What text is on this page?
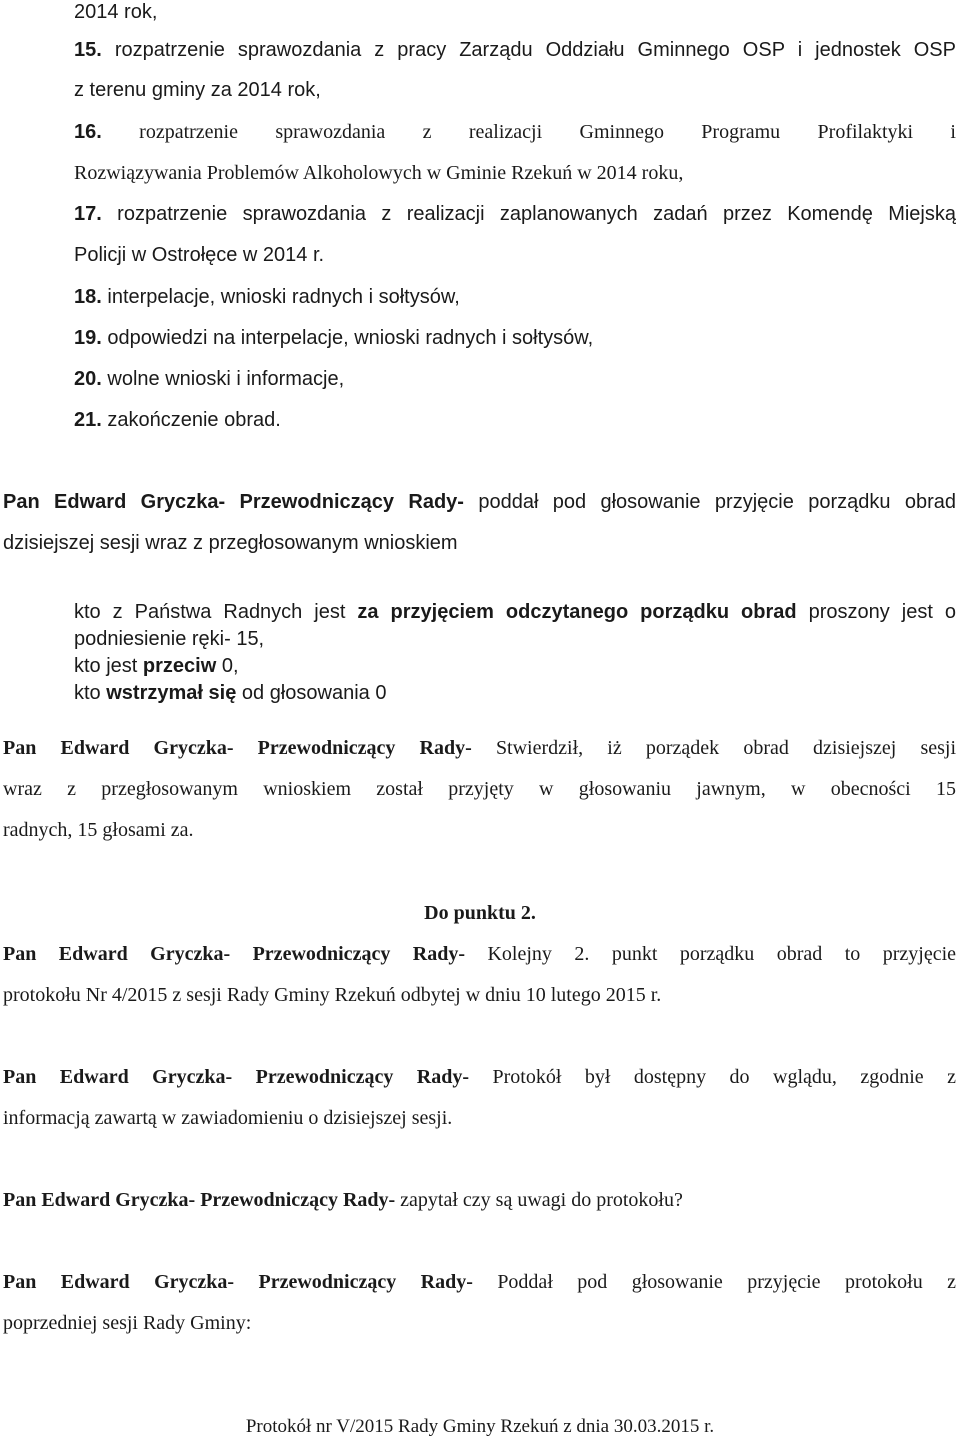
2014 rok,
15. rozpatrzenie sprawozdania z pracy Zarządu Oddziału Gminnego OSP i jednostek OSP
z terenu gminy za 2014 rok,
16. rozpatrzenie sprawozdania z realizacji Gminnego Programu Profilaktyki i
Rozwiązywania Problemów Alkoholowych w Gminie Rzekuń w 2014 roku,
17. rozpatrzenie sprawozdania z realizacji zaplanowanych zadań przez Komendę Miejską
Policji w Ostrołęce w 2014 r.
18. interpelacje, wnioski radnych i sołtysów,
19. odpowiedzi na interpelacje, wnioski radnych i sołtysów,
20. wolne wnioski i informacje,
21. zakończenie obrad.
Pan Edward Gryczka- Przewodniczący Rady- poddał pod głosowanie przyjęcie porządku obrad
dzisiejszej sesji wraz z przegłosowanym wnioskiem
kto z Państwa Radnych jest za przyjęciem odczytanego porządku obrad proszony jest o
podniesienie ręki- 15,
kto jest przeciw 0,
kto wstrzymał się od głosowania 0
Pan Edward Gryczka- Przewodniczący Rady- Stwierdził, iż porządek obrad dzisiejszej sesji
wraz z przegłosowanym wnioskiem został przyjęty w głosowaniu jawnym, w obecności 15
radnych, 15 głosami za.
Do punktu 2.
Pan Edward Gryczka- Przewodniczący Rady- Kolejny 2. punkt porządku obrad to przyjęcie
protokołu Nr 4/2015 z sesji Rady Gminy Rzekuń odbytej w dniu 10 lutego 2015 r.
Pan Edward Gryczka- Przewodniczący Rady- Protokół był dostępny do wglądu, zgodnie z
informacją zawartą w zawiadomieniu o dzisiejszej sesji.
Pan Edward Gryczka- Przewodniczący Rady- zapytał czy są uwagi do protokołu?
Pan Edward Gryczka- Przewodniczący Rady- Poddał pod głosowanie przyjęcie protokołu z
poprzedniej sesji Rady Gminy:
Protokół nr V/2015 Rady Gminy Rzekuń z dnia 30.03.2015 r.
